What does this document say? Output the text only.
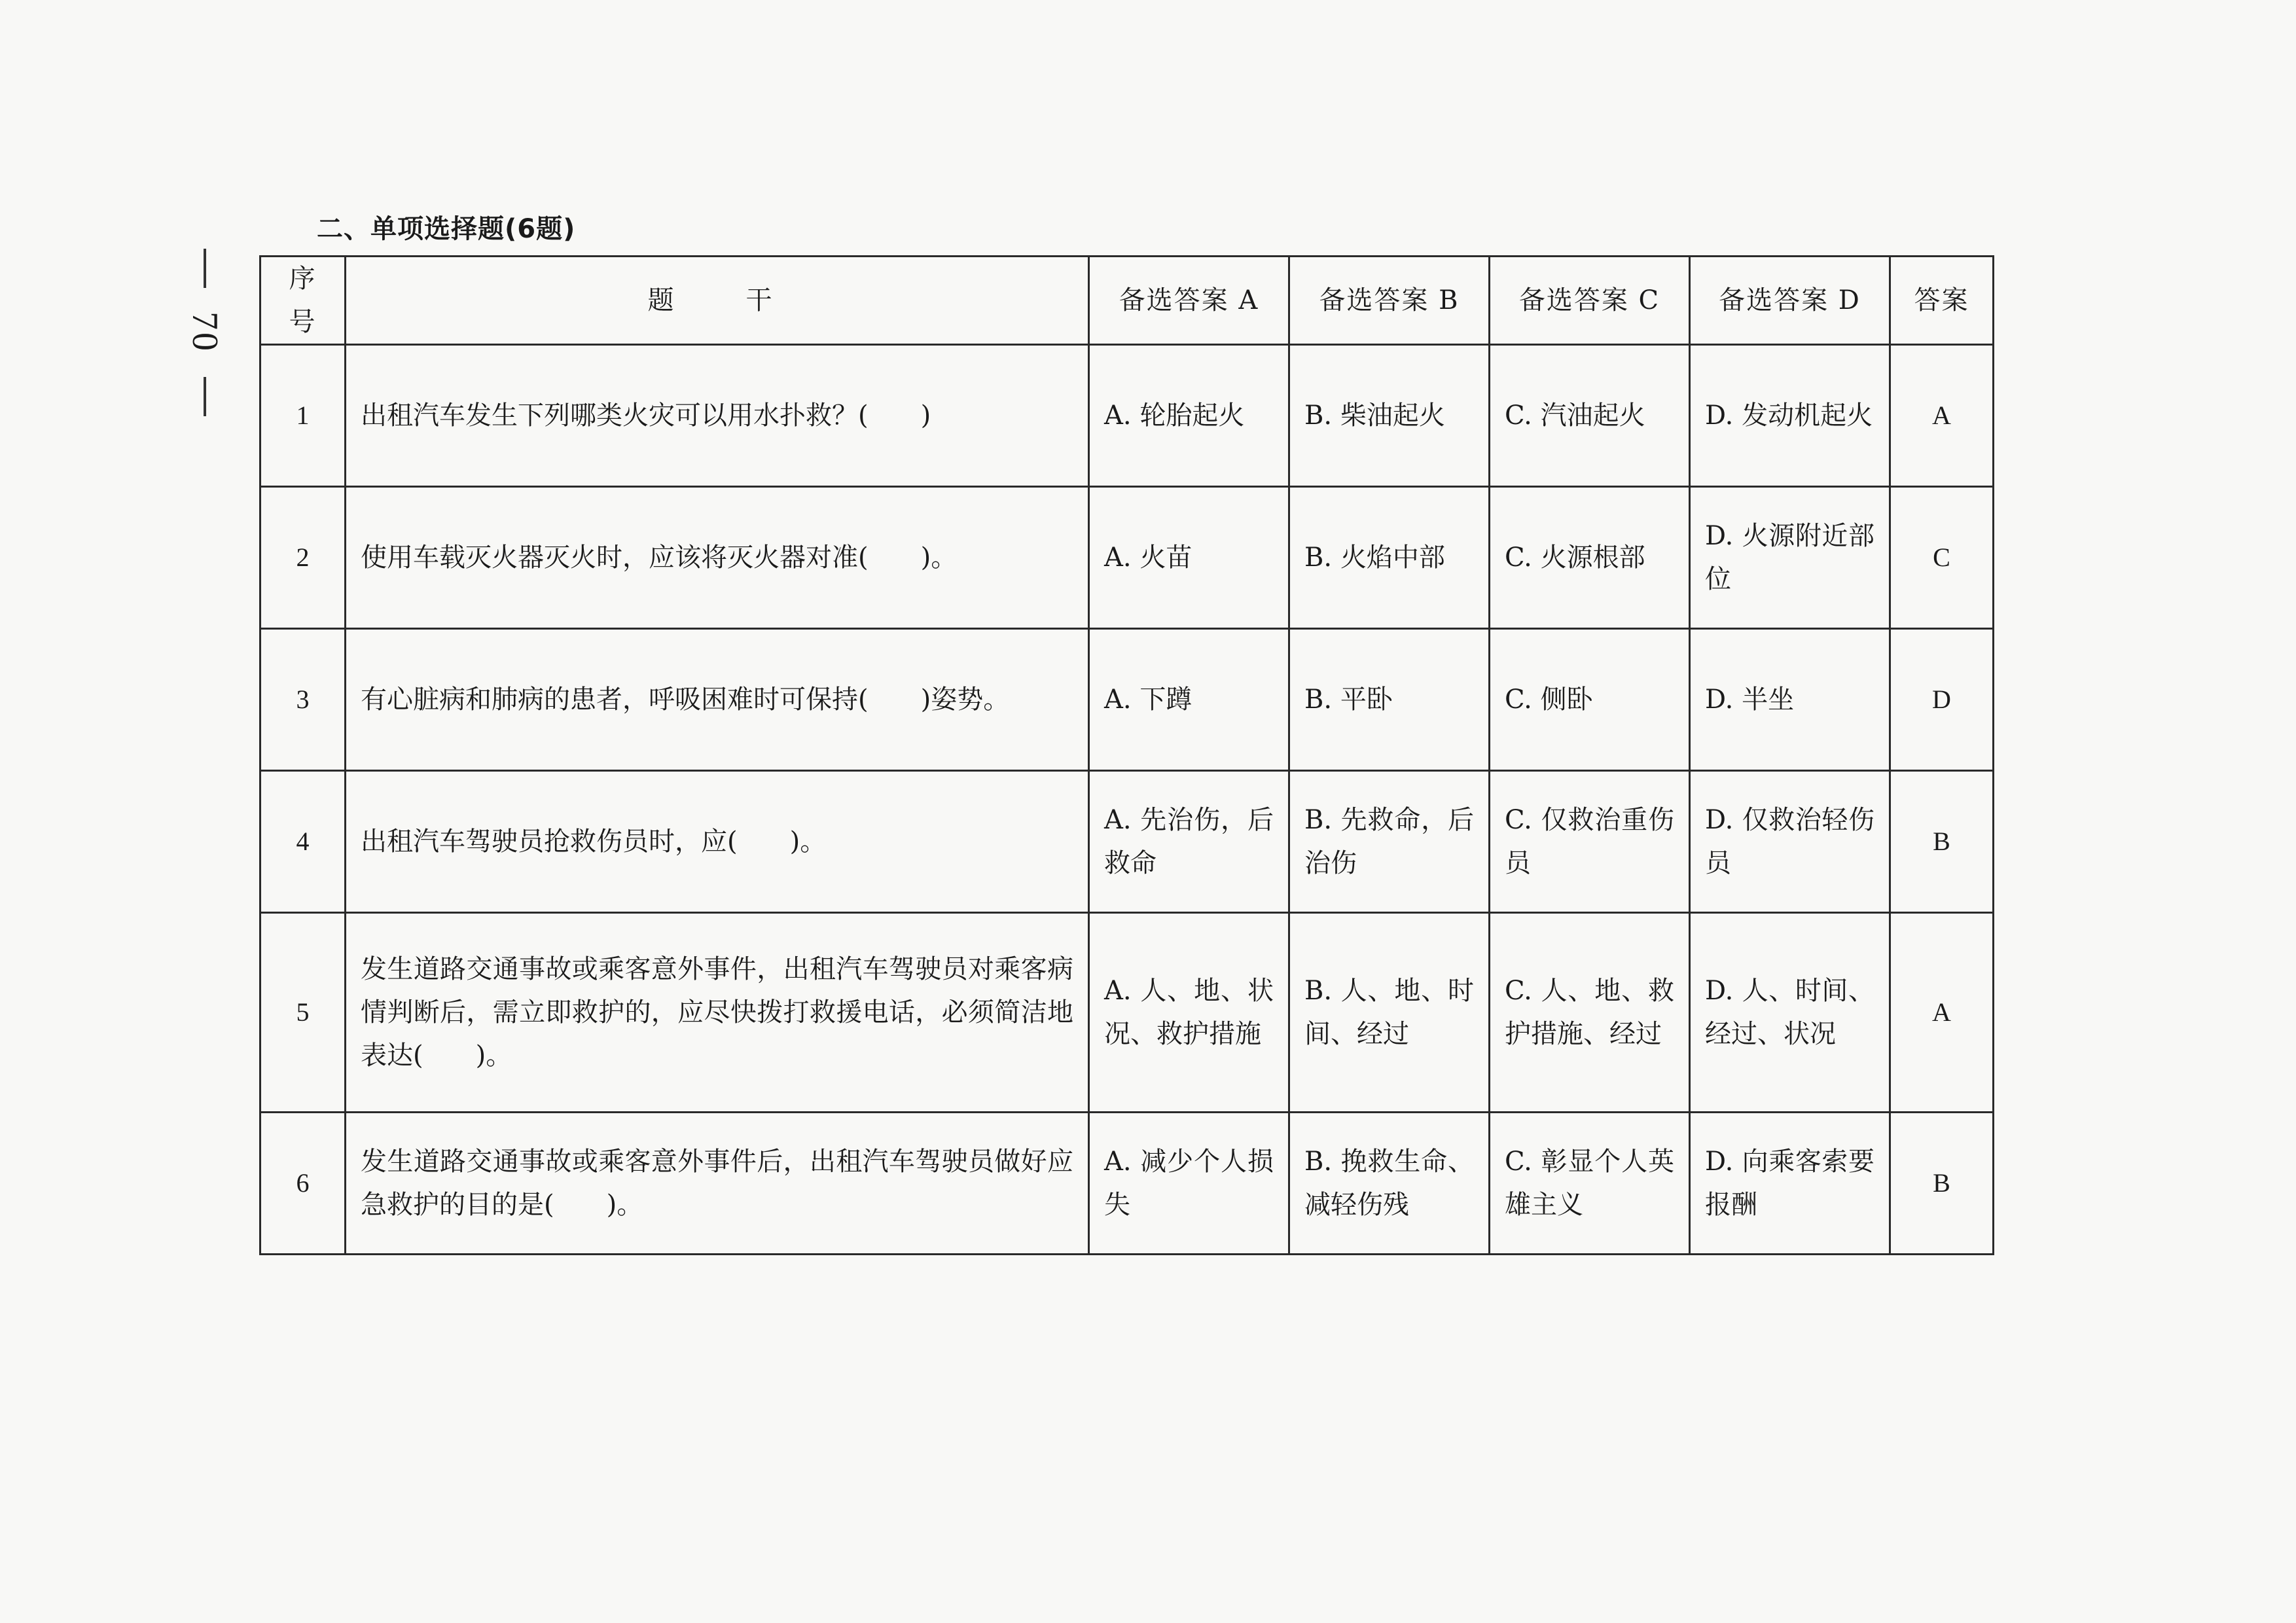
70
二、单项选择题(6题)
序号	题干	备选答案 A	备选答案 B	备选答案 C	备选答案 D	答案
1	出租汽车发生下列哪类火灾可以用水扑救？(　　)	A. 轮胎起火	B. 柴油起火	C. 汽油起火	D. 发动机起火	A
2	使用车载灭火器灭火时，应该将灭火器对准(　　)。	A. 火苗	B. 火焰中部	C. 火源根部	D. 火源附近部位	C
3	有心脏病和肺病的患者，呼吸困难时可保持(　　)姿势。	A. 下蹲	B. 平卧	C. 侧卧	D. 半坐	D
4	出租汽车驾驶员抢救伤员时，应(　　)。	A. 先治伤，后救命	B. 先救命，后治伤	C. 仅救治重伤员	D. 仅救治轻伤员	B
5	发生道路交通事故或乘客意外事件，出租汽车驾驶员对乘客病情判断后，需立即救护的，应尽快拨打救援电话，必须简洁地表达(　　)。	A. 人、地、状况、救护措施	B. 人、地、时间、经过	C. 人、地、救护措施、经过	D. 人、时间、经过、状况	A
6	发生道路交通事故或乘客意外事件后，出租汽车驾驶员做好应急救护的目的是(　　)。	A. 减少个人损失	B. 挽救生命、减轻伤残	C. 彰显个人英雄主义	D. 向乘客索要报酬	B
